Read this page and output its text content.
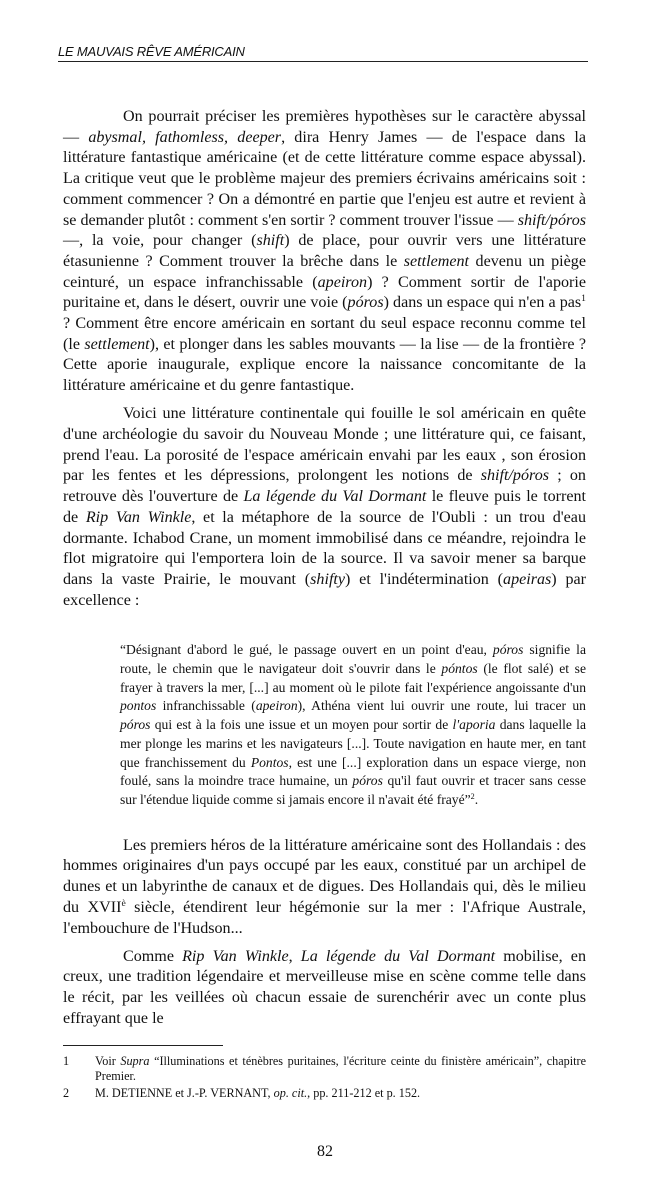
LE MAUVAIS RÊVE AMÉRICAIN

On pourrait préciser les premières hypothèses sur le caractère abyssal — abysmal, fathomless, deeper, dira Henry James — de l'espace dans la littérature fantastique américaine (et de cette littérature comme espace abyssal). La critique veut que le problème majeur des premiers écrivains américains soit : comment commencer ? On a démontré en partie que l'enjeu est autre et revient à se demander plutôt : comment s'en sortir ? comment trouver l'issue — shift/póros —, la voie, pour changer (shift) de place, pour ouvrir vers une littérature étasunienne ? Comment trouver la brêche dans le settlement devenu un piège ceinturé, un espace infranchissable (apeiron) ? Comment sortir de l'aporie puritaine et, dans le désert, ouvrir une voie (póros) dans un espace qui n'en a pas$^1$ ? Comment être encore américain en sortant du seul espace reconnu comme tel (le settlement), et plonger dans les sables mouvants — la lise — de la frontière ? Cette aporie inaugurale, explique encore la naissance concomitante de la littérature américaine et du genre fantastique.

Voici une littérature continentale qui fouille le sol américain en quête d'une archéologie du savoir du Nouveau Monde ; une littérature qui, ce faisant, prend l'eau. La porosité de l'espace américain envahi par les eaux , son érosion par les fentes et les dépressions, prolongent les notions de shift/póros ; on retrouve dès l'ouverture de La légende du Val Dormant le fleuve puis le torrent de Rip Van Winkle, et la métaphore de la source de l'Oubli : un trou d'eau dormante. Ichabod Crane, un moment immobilisé dans ce méandre, rejoindra le flot migratoire qui l'emportera loin de la source. Il va savoir mener sa barque dans la vaste Prairie, le mouvant (shifty) et l'indétermination (apeiras) par excellence :

“Désignant d'abord le gué, le passage ouvert en un point d'eau, póros signifie la route, le chemin que le navigateur doit s'ouvrir dans le póntos (le flot salé) et se frayer à travers la mer, [...] au moment où le pilote fait l'expérience angoissante d'un pontos infranchissable (apeiron), Athéna vient lui ouvrir une route, lui tracer un póros qui est à la fois une issue et un moyen pour sortir de l'aporia dans laquelle la mer plonge les marins et les navigateurs [...]. Toute navigation en haute mer, en tant que franchissement du Pontos, est une [...] exploration dans un espace vierge, non foulé, sans la moindre trace humaine, un póros qu'il faut ouvrir et tracer sans cesse sur l'étendue liquide comme si jamais encore il n'avait été frayé”$^2$.

Les premiers héros de la littérature américaine sont des Hollandais : des hommes originaires d'un pays occupé par les eaux, constitué par un archipel de dunes et un labyrinthe de canaux et de digues. Des Hollandais qui, dès le milieu du $XVII^è$ siècle, étendirent leur hégémonie sur la mer : l'Afrique Australe, l'embouchure de l'Hudson...

Comme Rip Van Winkle, La légende du Val Dormant mobilise, en creux, une tradition légendaire et merveilleuse mise en scène comme telle dans le récit, par les veillées où chacun essaie de surenchérir avec un conte plus effrayant que le

1	Voir Supra “Illuminations et ténèbres puritaines, l'écriture ceinte du finistère américain”, chapitre Premier.
2	M. DETIENNE et J.-P. VERNANT, op. cit., pp. 211-212 et p. 152.
82
